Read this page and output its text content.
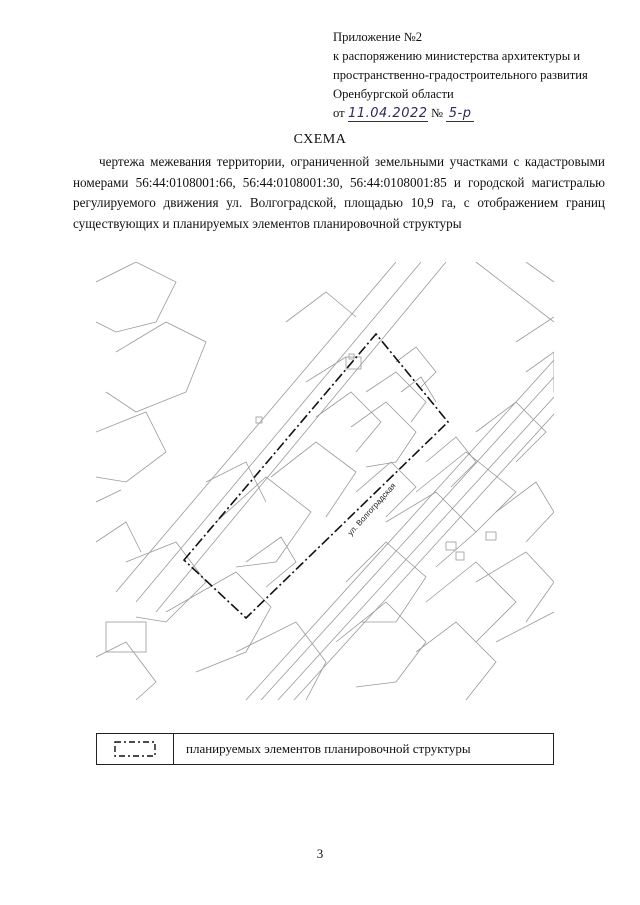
Приложение №2
к распоряжению министерства архитектуры и
пространственно-градостроительного развития
Оренбургской области
от 11.04.2022 № 5-р
СХЕМА
чертежа межевания территории, ограниченной земельными участками с кадастровыми номерами 56:44:0108001:66, 56:44:0108001:30, 56:44:0108001:85 и городской магистралью регулируемого движения ул. Волгоградской, площадью 10,9 га, с отображением границ существующих и планируемых элементов планировочной структуры
ул. Волгоградская
планируемых элементов планировочной структуры
3
